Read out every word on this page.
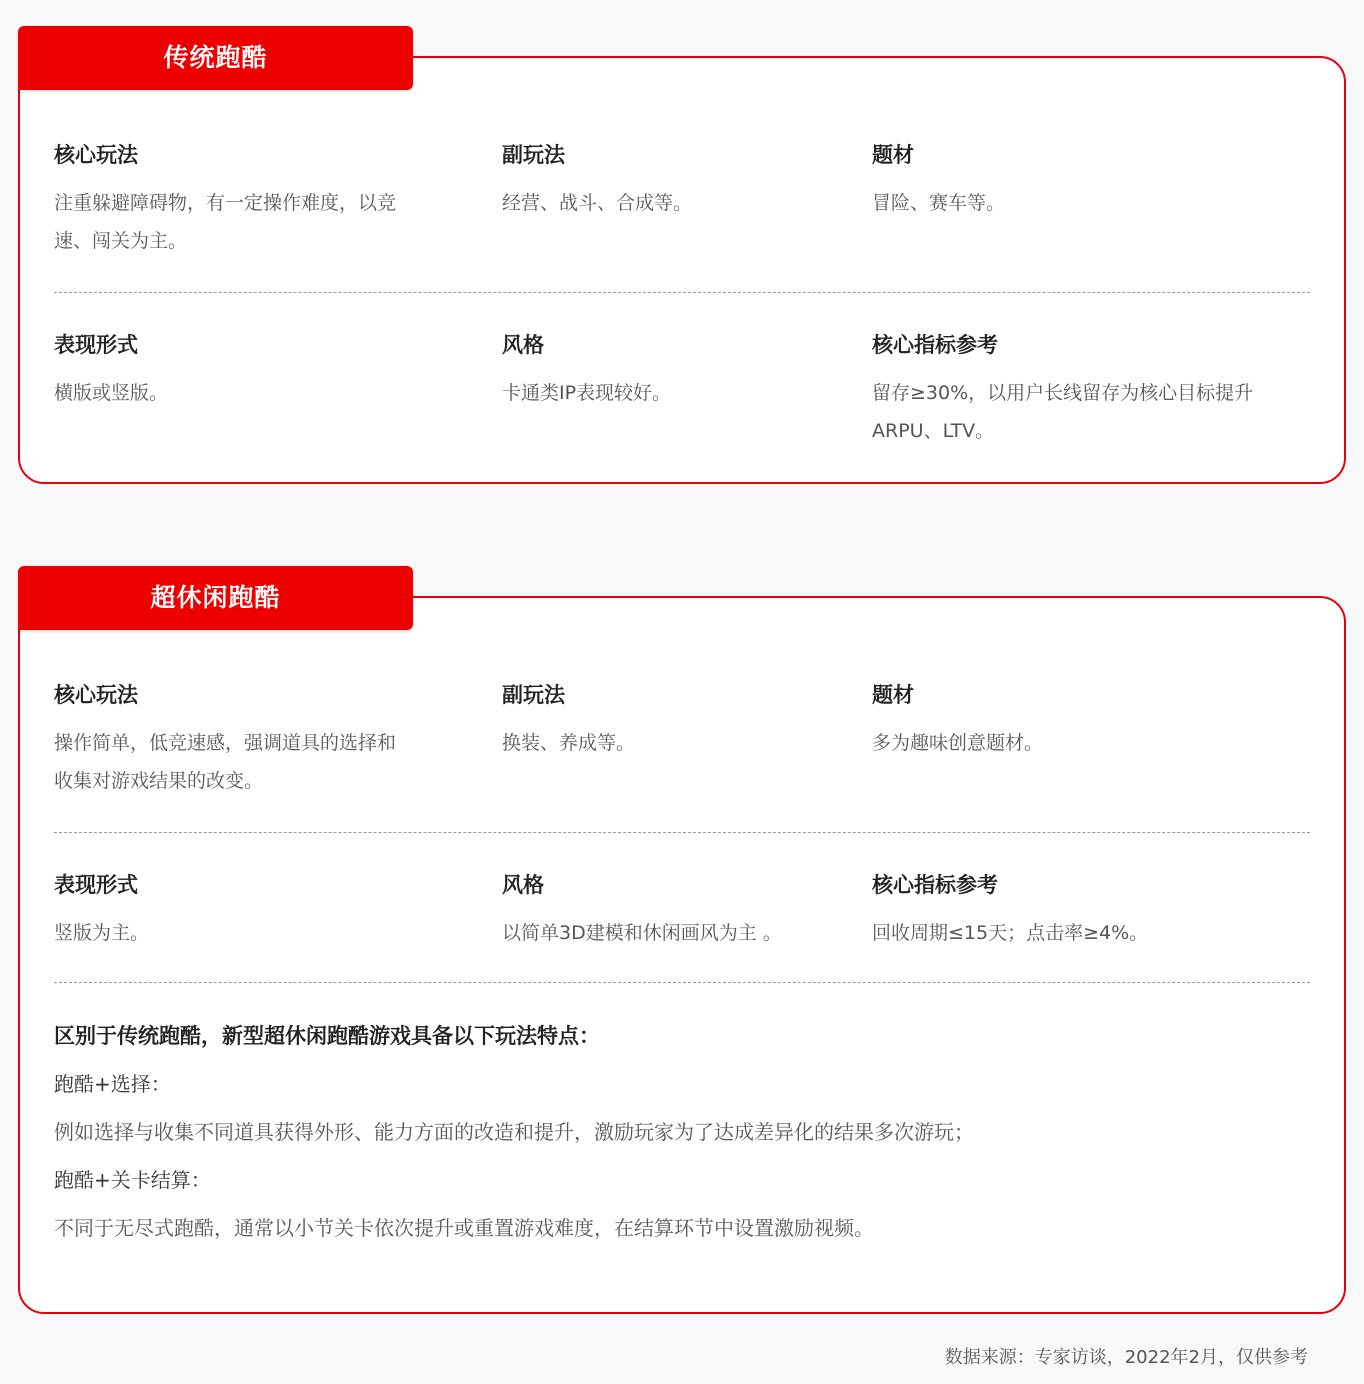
传统跑酷
核心玩法
注重躲避障碍物，有一定操作难度，以竞速、闯关为主。
副玩法
经营、战斗、合成等。
题材
冒险、赛车等。
表现形式
横版或竖版。
风格
卡通类IP表现较好。
核心指标参考
留存≥30%，以用户长线留存为核心目标提升ARPU、LTV。
超休闲跑酷
核心玩法
操作简单，低竞速感，强调道具的选择和收集对游戏结果的改变。
副玩法
换装、养成等。
题材
多为趣味创意题材。
表现形式
竖版为主。
风格
以简单3D建模和休闲画风为主 。
核心指标参考
回收周期≤15天；点击率≥4%。
区别于传统跑酷，新型超休闲跑酷游戏具备以下玩法特点：
跑酷+选择：
例如选择与收集不同道具获得外形、能力方面的改造和提升，激励玩家为了达成差异化的结果多次游玩；
跑酷+关卡结算：
不同于无尽式跑酷，通常以小节关卡依次提升或重置游戏难度，在结算环节中设置激励视频。
数据来源：专家访谈，2022年2月，仅供参考
